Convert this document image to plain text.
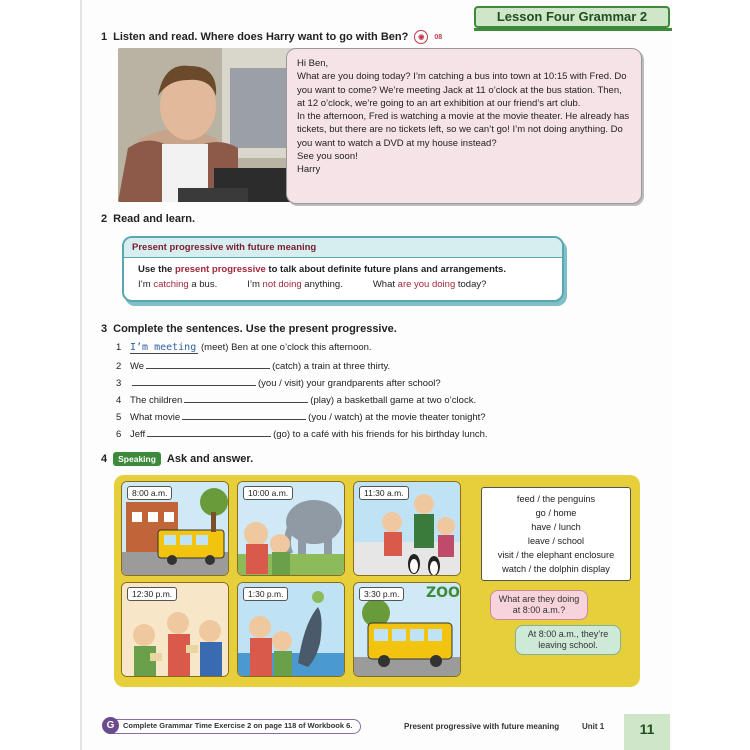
Lesson Four Grammar 2
1 Listen and read. Where does Harry want to go with Ben?	◉	08
Hi Ben,
What are you doing today? I’m catching a bus into town at 10:15 with Fred. Do you want to come? We’re meeting Jack at 11 o’clock at the bus station. Then, at 12 o’clock, we’re going to an art exhibition at our friend’s art club.
In the afternoon, Fred is watching a movie at the movie theater. He already has tickets, but there are no tickets left, so we can’t go! I’m not doing anything. Do you want to watch a DVD at my house instead?
See you soon!
Harry
2 Read and learn.
Present progressive with future meaning
Use the present progressive to talk about definite future plans and arrangements.
I’m catching a bus.	I’m not doing anything.	What are you doing today?
3 Complete the sentences. Use the present progressive.
1 I’m meeting (meet) Ben at one o’clock this afternoon.
2 We	(catch) a train at three thirty.
3	(you / visit) your grandparents after school?
4 The children	(play) a basketball game at two o’clock.
5 What movie	(you / watch) at the movie theater tonight?
6 Jeff	(go) to a café with his friends for his birthday lunch.
4	Speaking	Ask and answer.
8:00 a.m.	10:00 a.m.	11:30 a.m.
12:30 p.m.	1:30 p.m.	3:30 p.m.	ZOO
feed / the penguins
go / home
have / lunch
leave / school
visit / the elephant enclosure
watch / the dolphin display
What are they doing at 8:00 a.m.?
At 8:00 a.m., they’re leaving school.
G	Complete Grammar Time Exercise 2 on page 118 of Workbook 6.	Present progressive with future meaning	Unit 1	11
